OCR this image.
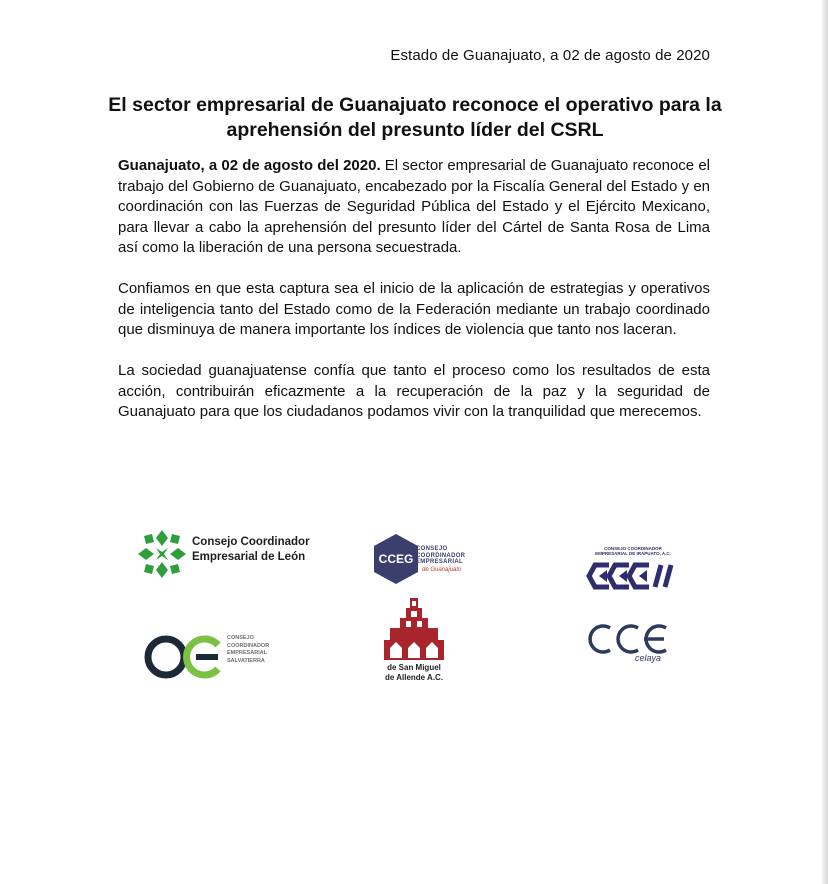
Estado de Guanajuato, a 02 de agosto de 2020
El sector empresarial de Guanajuato reconoce el operativo para la aprehensión del presunto líder del CSRL

Guanajuato, a 02 de agosto del 2020. El sector empresarial de Guanajuato reconoce el trabajo del Gobierno de Guanajuato, encabezado por la Fiscalía General del Estado y en coordinación con las Fuerzas de Seguridad Pública del Estado y el Ejército Mexicano, para llevar a cabo la aprehensión del presunto líder del Cártel de Santa Rosa de Lima así como la liberación de una persona secuestrada.

Confiamos en que esta captura sea el inicio de la aplicación de estrategias y operativos de inteligencia tanto del Estado como de la Federación mediante un trabajo coordinado que disminuya de manera importante los índices de violencia que tanto nos laceran.

La sociedad guanajuatense confía que tanto el proceso como los resultados de esta acción, contribuirán eficazmente a la recuperación de la paz y la seguridad de Guanajuato para que los ciudadanos podamos vivir con la tranquilidad que merecemos.

Consejo Coordinador
Empresarial de León	CCEG
CONSEJO
COORDINADOR
EMPRESARIAL
de Guanajuato
CONSEJO COORDINADOR
EMPRESARIAL DE IRAPUATO, A.C.
CONSEJO
COORDINADOR
EMPRESARIAL
SALVATIERRA
de San Miguel
de Allende A.C.
celaya
